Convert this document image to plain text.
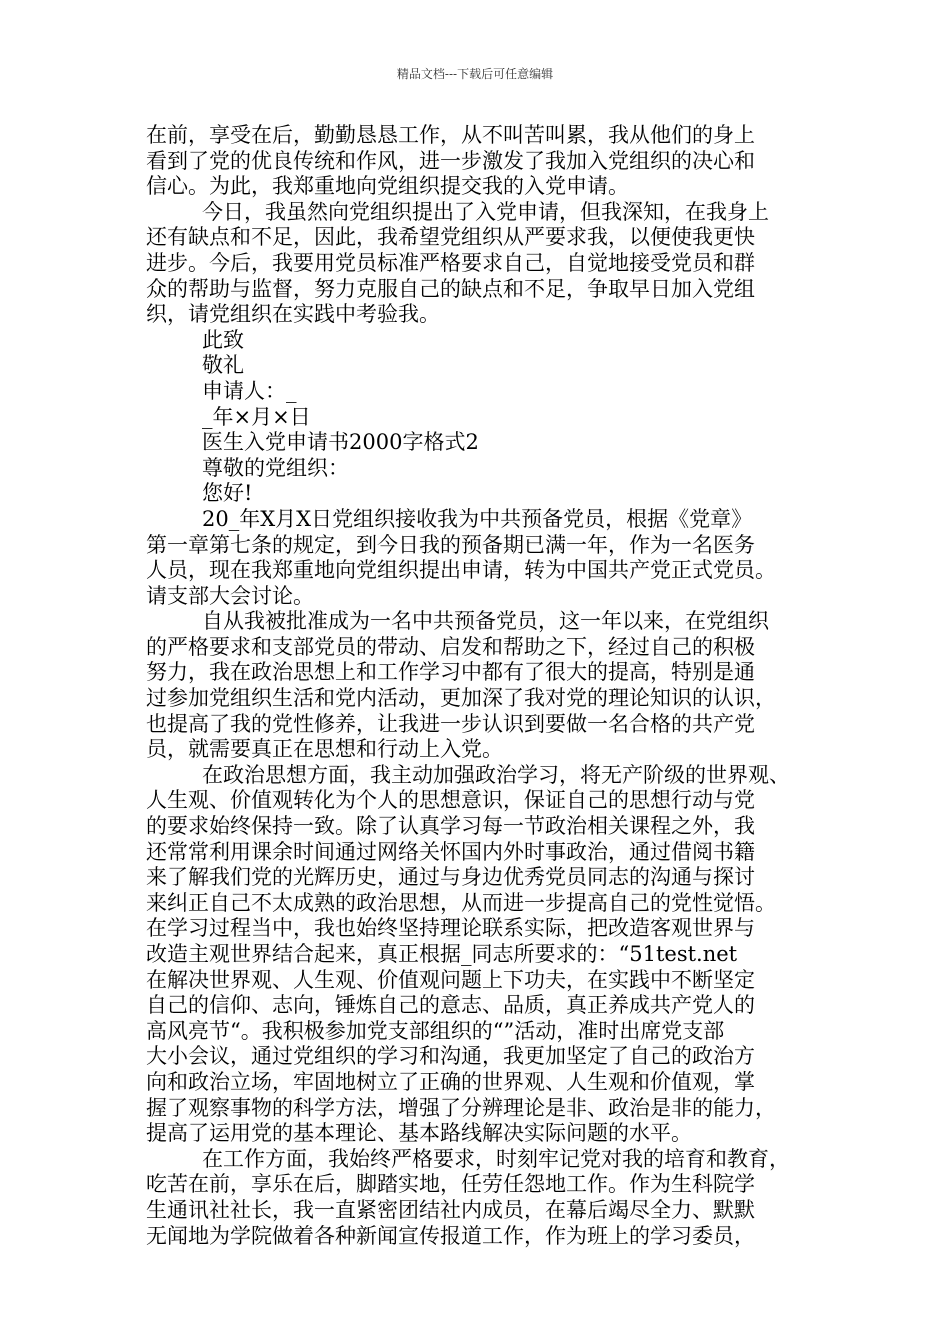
精品文档---下载后可任意编辑
在前，享受在后，勤勤恳恳工作，从不叫苦叫累，我从他们的身上
看到了党的优良传统和作风，进一步激发了我加入党组织的决心和
信心。为此，我郑重地向党组织提交我的入党申请。
今日，我虽然向党组织提出了入党申请，但我深知，在我身上
还有缺点和不足，因此，我希望党组织从严要求我，以便使我更快
进步。今后，我要用党员标准严格要求自己，自觉地接受党员和群
众的帮助与监督，努力克服自己的缺点和不足，争取早日加入党组
织，请党组织在实践中考验我。
此致
敬礼
申请人：_
_年×月×日
医生入党申请书2000字格式2
尊敬的党组织：
您好!
20_年X月X日党组织接收我为中共预备党员，根据《党章》
第一章第七条的规定，到今日我的预备期已满一年，作为一名医务
人员，现在我郑重地向党组织提出申请，转为中国共产党正式党员。
请支部大会讨论。
自从我被批准成为一名中共预备党员，这一年以来，在党组织
的严格要求和支部党员的带动、启发和帮助之下，经过自己的积极
努力，我在政治思想上和工作学习中都有了很大的提高，特别是通
过参加党组织生活和党内活动，更加深了我对党的理论知识的认识，
也提高了我的党性修养，让我进一步认识到要做一名合格的共产党
员，就需要真正在思想和行动上入党。
在政治思想方面，我主动加强政治学习，将无产阶级的世界观、
人生观、价值观转化为个人的思想意识，保证自己的思想行动与党
的要求始终保持一致。除了认真学习每一节政治相关课程之外，我
还常常利用课余时间通过网络关怀国内外时事政治，通过借阅书籍
来了解我们党的光辉历史，通过与身边优秀党员同志的沟通与探讨
来纠正自己不太成熟的政治思想，从而进一步提高自己的党性觉悟。
在学习过程当中，我也始终坚持理论联系实际，把改造客观世界与
改造主观世界结合起来，真正根据_同志所要求的：“51test.net
在解决世界观、人生观、价值观问题上下功夫，在实践中不断坚定
自己的信仰、志向，锤炼自己的意志、品质，真正养成共产党人的
高风亮节“。我积极参加党支部组织的“”活动，准时出席党支部
大小会议，通过党组织的学习和沟通，我更加坚定了自己的政治方
向和政治立场，牢固地树立了正确的世界观、人生观和价值观，掌
握了观察事物的科学方法，增强了分辨理论是非、政治是非的能力，
提高了运用党的基本理论、基本路线解决实际问题的水平。
在工作方面，我始终严格要求，时刻牢记党对我的培育和教育，
吃苦在前，享乐在后，脚踏实地，任劳任怨地工作。作为生科院学
生通讯社社长，我一直紧密团结社内成员，在幕后竭尽全力、默默
无闻地为学院做着各种新闻宣传报道工作，作为班上的学习委员，
